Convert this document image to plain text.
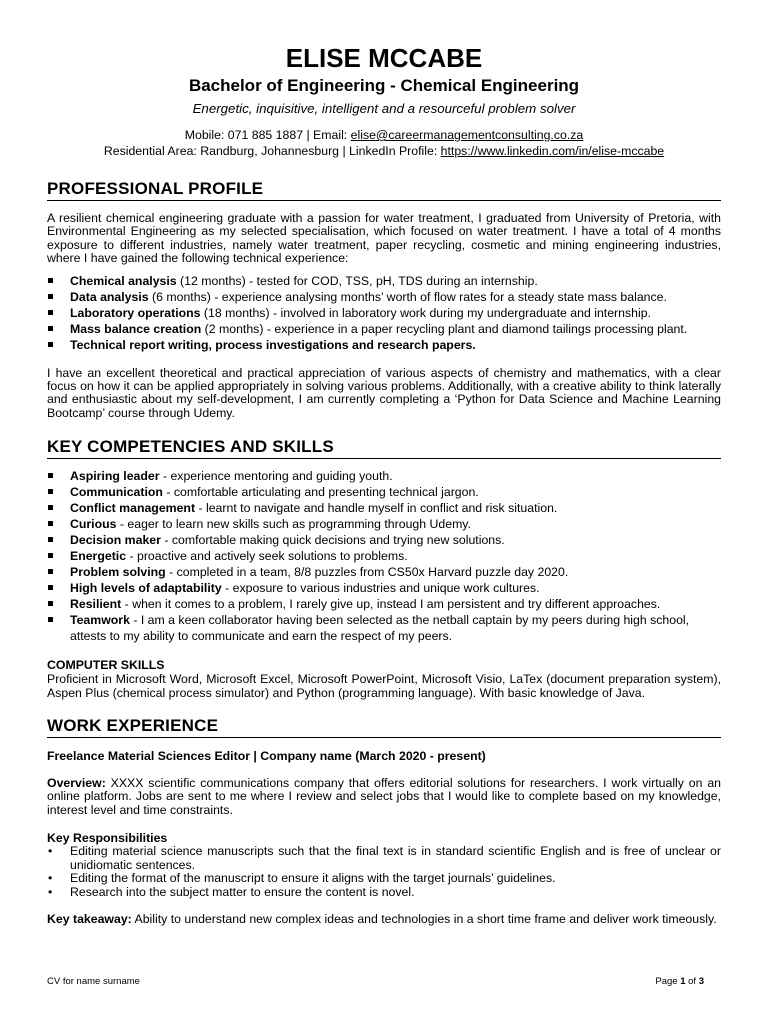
ELISE MCCABE
Bachelor of Engineering - Chemical Engineering
Energetic, inquisitive, intelligent and a resourceful problem solver
Mobile: 071 885 1887 | Email: elise@careermanagementconsulting.co.za
Residential Area: Randburg, Johannesburg | LinkedIn Profile: https://www.linkedin.com/in/elise-mccabe
PROFESSIONAL PROFILE

A resilient chemical engineering graduate with a passion for water treatment, I graduated from University of Pretoria, with Environmental Engineering as my selected specialisation, which focused on water treatment. I have a total of 4 months exposure to different industries, namely water treatment, paper recycling, cosmetic and mining engineering industries, where I have gained the following technical experience:

Chemical analysis (12 months) - tested for COD, TSS, pH, TDS during an internship.
Data analysis (6 months) - experience analysing months’ worth of flow rates for a steady state mass balance.
Laboratory operations (18 months) - involved in laboratory work during my undergraduate and internship.
Mass balance creation (2 months) - experience in a paper recycling plant and diamond tailings processing plant.
Technical report writing, process investigations and research papers.

I have an excellent theoretical and practical appreciation of various aspects of chemistry and mathematics, with a clear focus on how it can be applied appropriately in solving various problems. Additionally, with a creative ability to think laterally and enthusiastic about my self-development, I am currently completing a ‘Python for Data Science and Machine Learning Bootcamp’ course through Udemy.

KEY COMPETENCIES AND SKILLS
Aspiring leader - experience mentoring and guiding youth.
Communication - comfortable articulating and presenting technical jargon.
Conflict management - learnt to navigate and handle myself in conflict and risk situation.
Curious - eager to learn new skills such as programming through Udemy.
Decision maker - comfortable making quick decisions and trying new solutions.
Energetic - proactive and actively seek solutions to problems.
Problem solving - completed in a team, 8/8 puzzles from CS50x Harvard puzzle day 2020.
High levels of adaptability - exposure to various industries and unique work cultures.
Resilient - when it comes to a problem, I rarely give up, instead I am persistent and try different approaches.
Teamwork - I am a keen collaborator having been selected as the netball captain by my peers during high school, attests to my ability to communicate and earn the respect of my peers.
COMPUTER SKILLS

Proficient in Microsoft Word, Microsoft Excel, Microsoft PowerPoint, Microsoft Visio, LaTex (document preparation system), Aspen Plus (chemical process simulator) and Python (programming language). With basic knowledge of Java.

WORK EXPERIENCE
Freelance Material Sciences Editor | Company name (March 2020 - present)

Overview: XXXX scientific communications company that offers editorial solutions for researchers. I work virtually on an online platform. Jobs are sent to me where I review and select jobs that I would like to complete based on my knowledge, interest level and time constraints.

Key Responsibilities
• Editing material science manuscripts such that the final text is in standard scientific English and is free of unclear or unidiomatic sentences.
• Editing the format of the manuscript to ensure it aligns with the target journals’ guidelines.
• Research into the subject matter to ensure the content is novel.

Key takeaway: Ability to understand new complex ideas and technologies in a short time frame and deliver work timeously.

CV for name surname	Page 1 of 3
